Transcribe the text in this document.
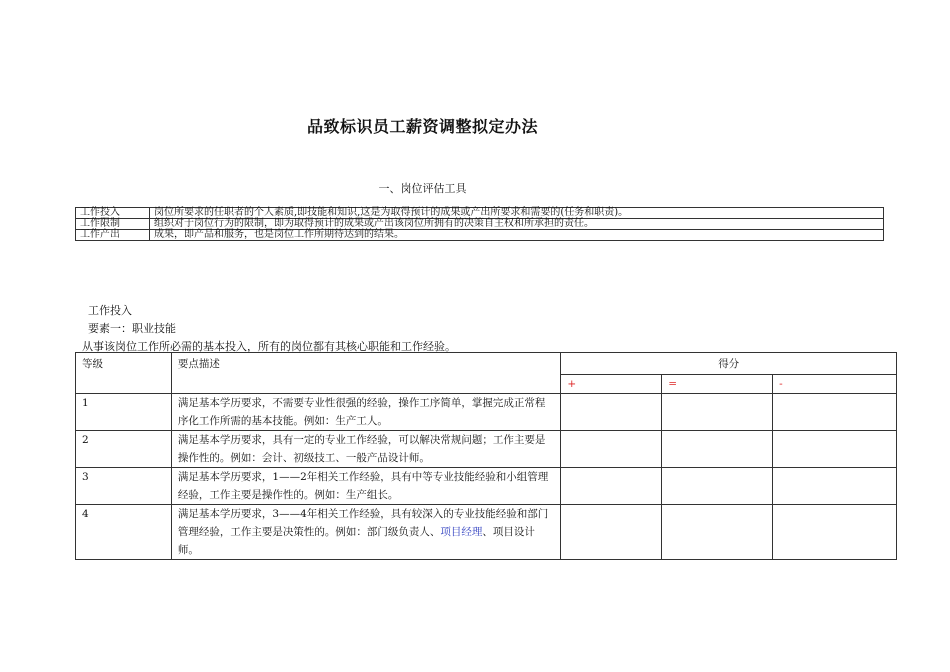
品致标识员工薪资调整拟定办法
一、岗位评估工具
工作投入	岗位所要求的任职者的个人素质,即技能和知识,这是为取得预计的成果或产出所要求和需要的(任务和职责)。
工作限制	组织对于岗位行为的限制，即为取得预计的成果或产出该岗位所拥有的决策自主权和所承担的责任。
工作产出	成果，即产品和服务，也是岗位工作所期待达到的结果。
工作投入
要素一：职业技能
从事该岗位工作所必需的基本投入，所有的岗位都有其核心职能和工作经验。
等级	要点描述	得分		
		+	=	-
1	满足基本学历要求，不需要专业性很强的经验，操作工序简单，掌握完成正常程序化工作所需的基本技能。例如：生产工人。			
2	满足基本学历要求，具有一定的专业工作经验，可以解决常规问题；工作主要是操作性的。例如：会计、初级技工、一般产品设计师。			
3	满足基本学历要求，1——2年相关工作经验，具有中等专业技能经验和小组管理经验，工作主要是操作性的。例如：生产组长。			
4	满足基本学历要求，3——4年相关工作经验，具有较深入的专业技能经验和部门管理经验，工作主要是决策性的。例如：部门级负责人、项目经理、项目设计师。			
